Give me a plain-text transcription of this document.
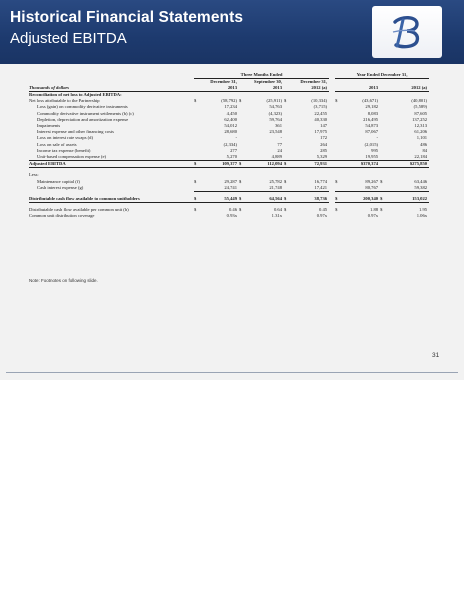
Historical Financial Statements
Adjusted EBITDA
	Three Months Ended							Year Ended December 31,			
	December 31,		September 30,		December 31,						
Thousands of dollars	2013		2013		2012 (a)			2013		2012 (a)	
Reconciliation of net loss to Adjusted EBITDA:											
Net loss attributable to the Partnership	$	(58,792)	$	(25,911)	$	(10,334)		$	(43,671)		(40,801)
Loss (gain) on commodity derivative instruments		17,234		54,763		(3,715)			29,182		(5,589)
Commodity derivative instrument settlements (b) (c)		4,450		(4,323)		22,455			8,083		87,605
Depletion, depreciation and amortization expense		62,400		59,764		40,330			216,495		137,252
Impairments		54,012		361		147			54,873		12,313
Interest expense and other financing costs		28,680		23,548		17,975			87,067		61,206
Loss on interest rate swaps (d)		-		-		172			-		1,101
Loss on sale of assets		(2,334)		77		264			(2,015)		486
Income tax expense (benefit)		277		24		285			995		84
Unit-based compensation expense (e)		5,270		4,889		5,329			19,955		22,184
Adjusted EBITDA	$	109,377	$	112,094	$	72,931			$370,374		$275,850

Less:											
Maintenance capital (f)	$	29,287	$	25,782	$	16,774		$	89,267	$	63,446
Cash interest expense (g)		24,741		21,748		17,421			80,767		59,382

Distributable cash flow available to common unitholders	$	55,449	$	64,564	$	38,736		$	200,340	$	153,022

Distributable cash flow available per common unit (h)	$	0.46	$	0.64	$	0.45		$	1.88	$	1.95
Common unit distribution coverage		0.93x		1.31x		0.97x			0.97x		1.06x
Note: Footnotes on following slide.
31
